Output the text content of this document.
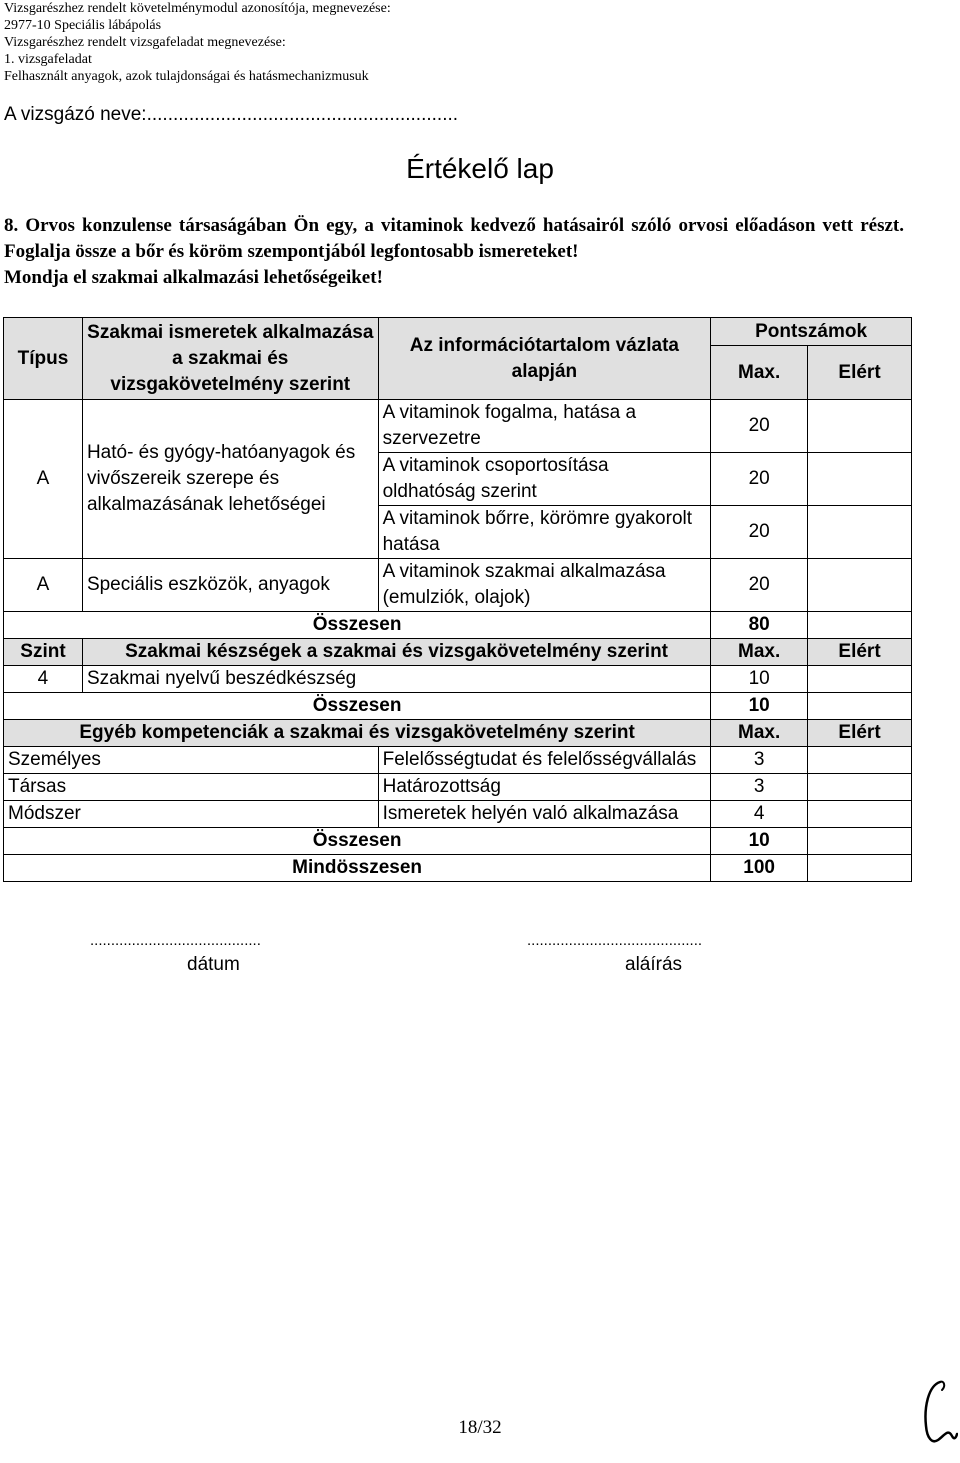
Vizsgarészhez rendelt követelménymodul azonosítója, megnevezése:
2977-10 Speciális lábápolás
Vizsgarészhez rendelt vizsgafeladat megnevezése:
1. vizsgafeladat
Felhasznált anyagok, azok tulajdonságai és hatásmechanizmusuk
A vizsgázó neve:...........................................................
Értékelő lap

8. Orvos konzulense társaságában Ön egy, a vitaminok kedvező hatásairól szóló orvosi előadáson vett részt. Foglalja össze a bőr és köröm szempontjából legfontosabb ismereteket!

Mondja el szakmai alkalmazási lehetőségeiket!

Típus	Szakmai ismeretek alkalmazása a szakmai és vizsgakövetelmény szerint	Az információtartalom vázlata alapján	Pontszámok	
			Max.	Elért
A	Ható- és gyógy-hatóanyagok és vivőszereik szerepe és alkalmazásának lehetőségei	A vitaminok fogalma, hatása a szervezetre	20	
		A vitaminok csoportosítása oldhatóság szerint	20	
		A vitaminok bőrre, körömre gyakorolt hatása	20	
A	Speciális eszközök, anyagok	A vitaminok szakmai alkalmazása (emulziók, olajok)	20	
Összesen			80	
Szint	Szakmai készségek a szakmai és vizsgakövetelmény szerint		Max.	Elért
4	Szakmai nyelvű beszédkészség		10	
Összesen			10	
Egyéb kompetenciák a szakmai és vizsgakövetelmény szerint			Max.	Elért
Személyes		Felelősségtudat és felelősségvállalás	3	
Társas		Határozottság	3	
Módszer		Ismeretek helyén való alkalmazása	4	
Összesen			10	
Mindösszesen			100	
.........................................
dátum
..........................................
aláírás
18/32
